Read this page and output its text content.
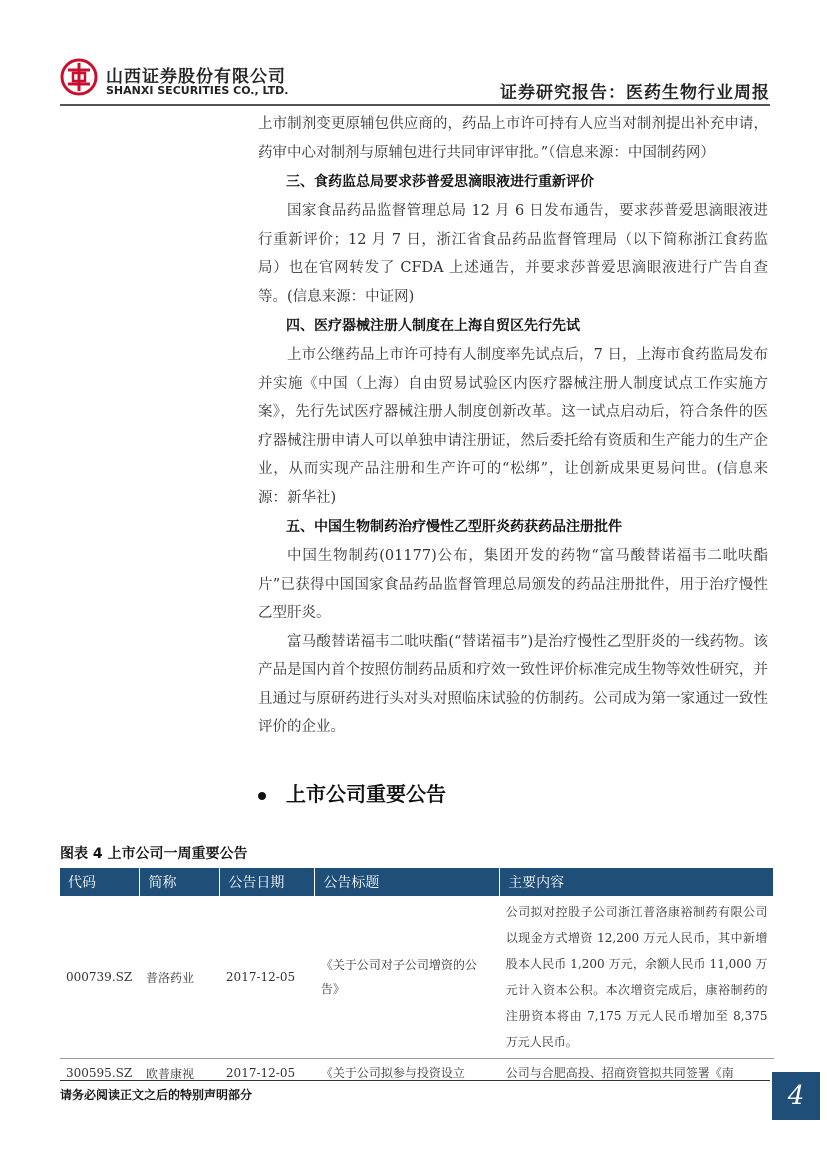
山西证券股份有限公司
SHANXI SECURITIES CO., LTD.	证券研究报告：医药生物行业周报

上市制剂变更原辅包供应商的，药品上市许可持有人应当对制剂提出补充申请，药审中心对制剂与原辅包进行共同审评审批。”（信息来源：中国制药网）

三、食药监总局要求莎普爱思滴眼液进行重新评价

国家食品药品监督管理总局 12 月 6 日发布通告，要求莎普爱思滴眼液进行重新评价；12 月 7 日，浙江省食品药品监督管理局（以下简称浙江食药监局）也在官网转发了 CFDA 上述通告，并要求莎普爱思滴眼液进行广告自查等。(信息来源：中证网)

四、医疗器械注册人制度在上海自贸区先行先试

上市公继药品上市许可持有人制度率先试点后，7 日，上海市食药监局发布并实施《中国（上海）自由贸易试验区内医疗器械注册人制度试点工作实施方案》，先行先试医疗器械注册人制度创新改革。这一试点启动后，符合条件的医疗器械注册申请人可以单独申请注册证，然后委托给有资质和生产能力的生产企业，从而实现产品注册和生产许可的“松绑”，让创新成果更易问世。(信息来源：新华社)

五、中国生物制药治疗慢性乙型肝炎药获药品注册批件

中国生物制药(01177)公布，集团开发的药物“富马酸替诺福韦二吡呋酯片”已获得中国国家食品药品监督管理总局颁发的药品注册批件，用于治疗慢性乙型肝炎。

富马酸替诺福韦二吡呋酯(“替诺福韦”)是治疗慢性乙型肝炎的一线药物。该产品是国内首个按照仿制药品质和疗效一致性评价标准完成生物等效性研究，并且通过与原研药进行头对头对照临床试验的仿制药。公司成为第一家通过一致性评价的企业。

上市公司重要公告
图表 4 上市公司一周重要公告
代码	简称	公告日期	公告标题	主要内容
000739.SZ	普洛药业	2017-12-05	《关于公司对子公司增资的公告》	公司拟对控股子公司浙江普洛康裕制药有限公司以现金方式增资 12,200 万元人民币，其中新增股本人民币 1,200 万元，余额人民币 11,000 万元计入资本公积。本次增资完成后，康裕制药的注册资本将由 7,175 万元人民币增加至 8,375 万元人民币。
300595.SZ	欧普康视	2017-12-05	《关于公司拟参与投资设立	公司与合肥高投、招商资管拟共同签署《南
请务必阅读正文之后的特别声明部分	4
